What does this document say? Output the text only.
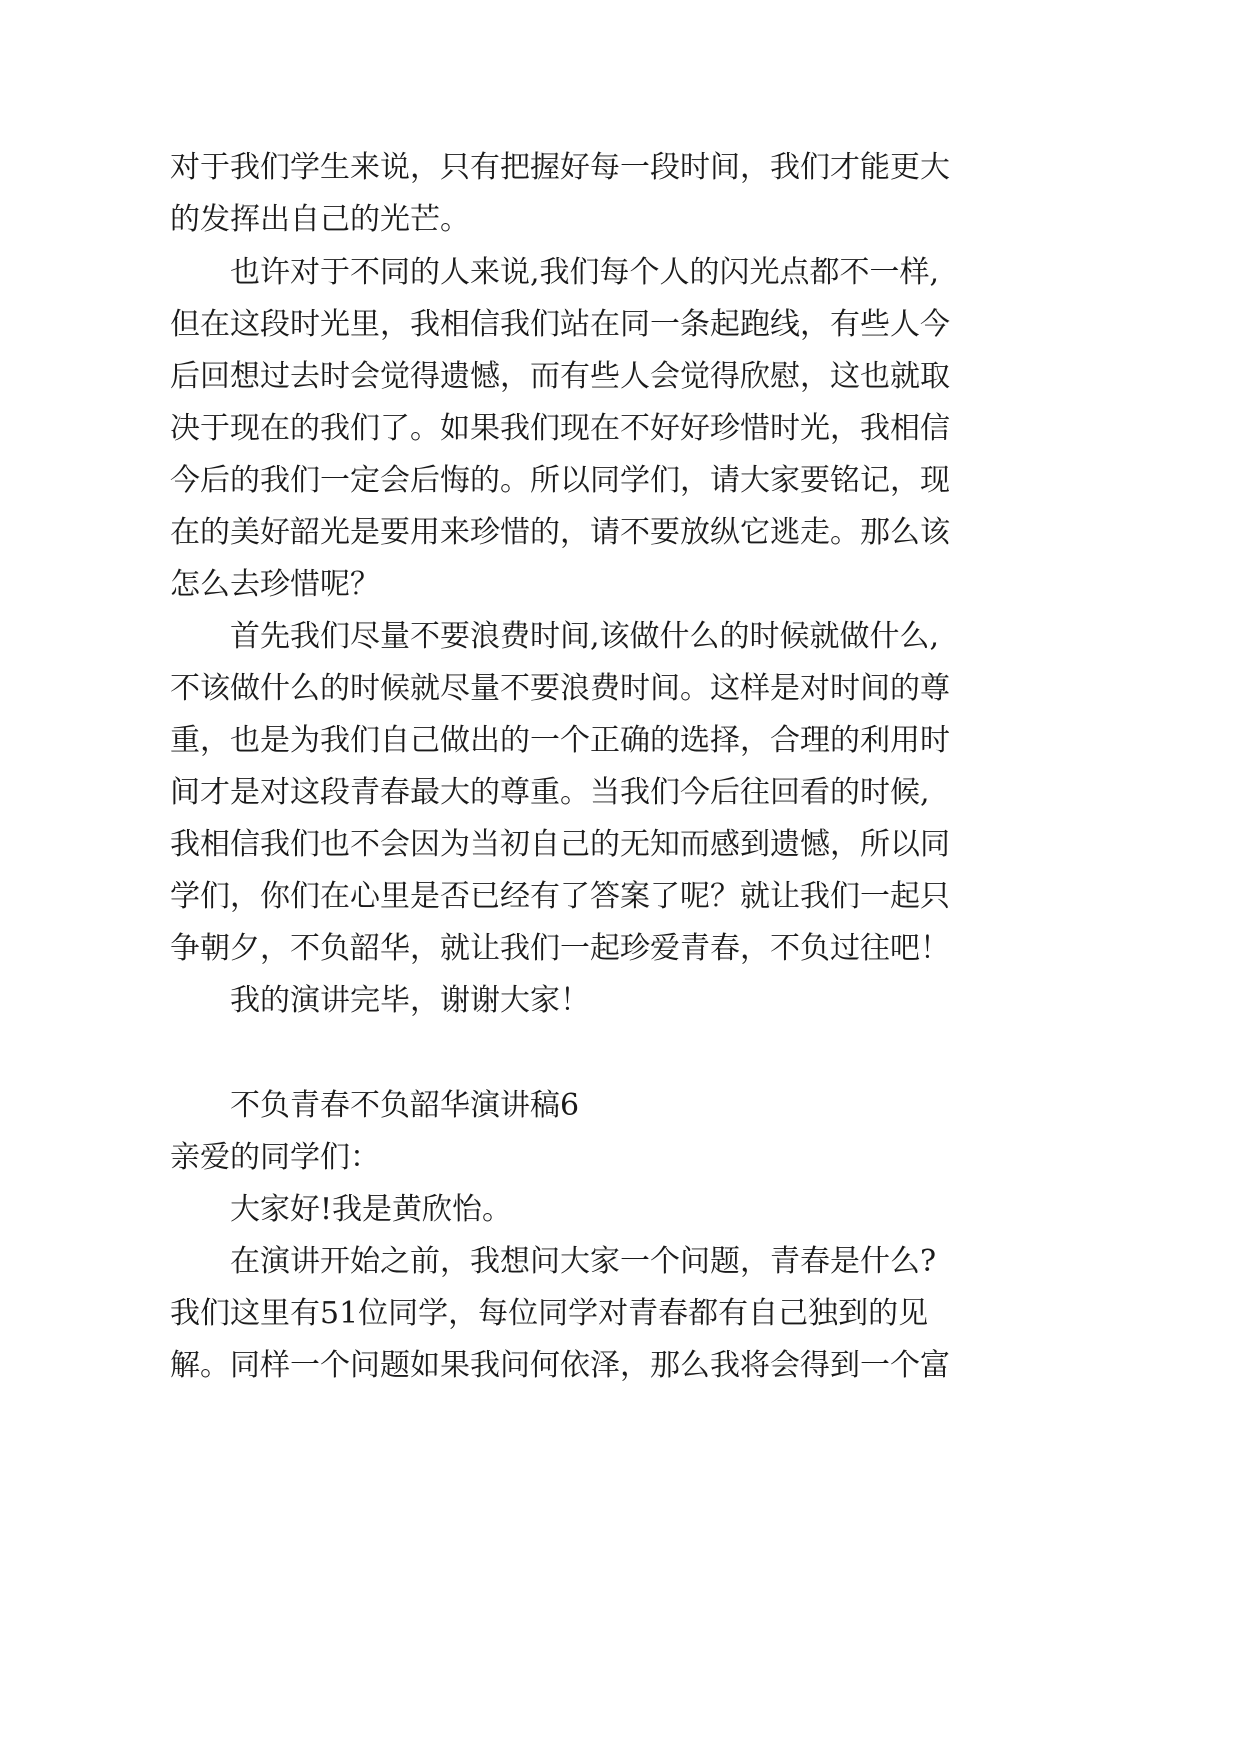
对于我们学生来说，只有把握好每一段时间，我们才能更大
的发挥出自己的光芒。
也许对于不同的人来说,我们每个人的闪光点都不一样,
但在这段时光里，我相信我们站在同一条起跑线，有些人今
后回想过去时会觉得遗憾，而有些人会觉得欣慰，这也就取
决于现在的我们了。如果我们现在不好好珍惜时光，我相信
今后的我们一定会后悔的。所以同学们，请大家要铭记，现
在的美好韶光是要用来珍惜的，请不要放纵它逃走。那么该
怎么去珍惜呢？
首先我们尽量不要浪费时间,该做什么的时候就做什么,
不该做什么的时候就尽量不要浪费时间。这样是对时间的尊
重，也是为我们自己做出的一个正确的选择，合理的利用时
间才是对这段青春最大的尊重。当我们今后往回看的时候,
我相信我们也不会因为当初自己的无知而感到遗憾，所以同
学们，你们在心里是否已经有了答案了呢？就让我们一起只
争朝夕，不负韶华，就让我们一起珍爱青春，不负过往吧！
我的演讲完毕，谢谢大家！
不负青春不负韶华演讲稿6
亲爱的同学们：
大家好!我是黄欣怡。
在演讲开始之前，我想问大家一个问题，青春是什么?
我们这里有51位同学，每位同学对青春都有自己独到的见
解。同样一个问题如果我问何依泽，那么我将会得到一个富
